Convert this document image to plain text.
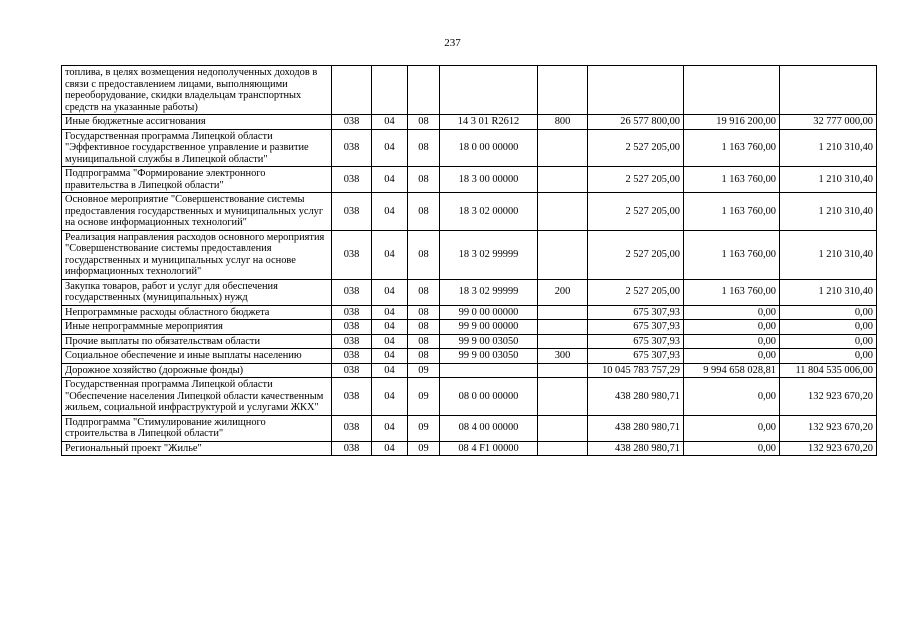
237
топлива, в целях возмещения недополученных доходов в связи с предоставлением лицами, выполняющими переоборудование, скидки владельцам транспортных средств на указанные работы)								
Иные бюджетные ассигнования	038	04	08	14 3 01 R2612	800	26 577 800,00	19 916 200,00	32 777 000,00
Государственная программа Липецкой области "Эффективное государственное управление и развитие муниципальной службы в Липецкой области"	038	04	08	18 0 00 00000		2 527 205,00	1 163 760,00	1 210 310,40
Подпрограмма "Формирование электронного правительства в Липецкой области"	038	04	08	18 3 00 00000		2 527 205,00	1 163 760,00	1 210 310,40
Основное мероприятие "Совершенствование системы предоставления государственных и муниципальных услуг на основе информационных технологий"	038	04	08	18 3 02 00000		2 527 205,00	1 163 760,00	1 210 310,40
Реализация направления расходов основного мероприятия "Совершенствование системы предоставления государственных и муниципальных услуг на основе информационных технологий"	038	04	08	18 3 02 99999		2 527 205,00	1 163 760,00	1 210 310,40
Закупка товаров, работ и услуг для обеспечения государственных (муниципальных) нужд	038	04	08	18 3 02 99999	200	2 527 205,00	1 163 760,00	1 210 310,40
Непрограммные расходы областного бюджета	038	04	08	99 0 00 00000		675 307,93	0,00	0,00
Иные непрограммные мероприятия	038	04	08	99 9 00 00000		675 307,93	0,00	0,00
Прочие выплаты по обязательствам области	038	04	08	99 9 00 03050		675 307,93	0,00	0,00
Социальное обеспечение и иные выплаты населению	038	04	08	99 9 00 03050	300	675 307,93	0,00	0,00
Дорожное хозяйство (дорожные фонды)	038	04	09			10 045 783 757,29	9 994 658 028,81	11 804 535 006,00
Государственная программа Липецкой области "Обеспечение населения Липецкой области качественным жильем, социальной инфраструктурой и услугами ЖКХ"	038	04	09	08 0 00 00000		438 280 980,71	0,00	132 923 670,20
Подпрограмма "Стимулирование жилищного строительства в Липецкой области"	038	04	09	08 4 00 00000		438 280 980,71	0,00	132 923 670,20
Региональный проект "Жилье"	038	04	09	08 4 F1 00000		438 280 980,71	0,00	132 923 670,20
